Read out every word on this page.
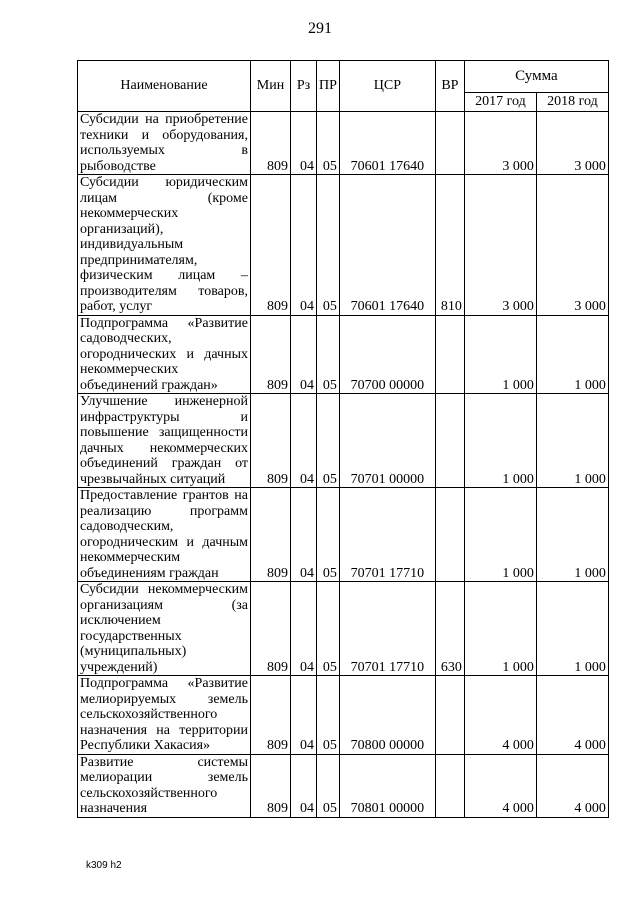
291
Наименование	Мин	Рз	ПР	ЦСР	ВР	Сумма	
						2017 год	2018 год
Субсидии на приобретение техники и оборудования, используемых в рыбоводстве	809	04	05	70601 17640		3 000	3 000
Субсидии юридическим лицам (кроме некоммерческих организаций), индивидуальным предпринимателям, физическим лицам – производителям товаров, работ, услуг	809	04	05	70601 17640	810	3 000	3 000
Подпрограмма «Развитие садоводческих, огороднических и дачных некоммерческих объединений граждан»	809	04	05	70700 00000		1 000	1 000
Улучшение инженерной инфраструктуры и повышение защищенности дачных некоммерческих объединений граждан от чрезвычайных ситуаций	809	04	05	70701 00000		1 000	1 000
Предоставление грантов на реализацию программ садоводческим, огородническим и дачным некоммерческим объединениям граждан	809	04	05	70701 17710		1 000	1 000
Субсидии некоммерческим организациям (за исключением государственных (муниципальных) учреждений)	809	04	05	70701 17710	630	1 000	1 000
Подпрограмма «Развитие мелиорируемых земель сельскохозяйственного назначения на территории Республики Хакасия»	809	04	05	70800 00000		4 000	4 000
Развитие системы мелиорации земель сельскохозяйственного назначения	809	04	05	70801 00000		4 000	4 000
k309 h2
